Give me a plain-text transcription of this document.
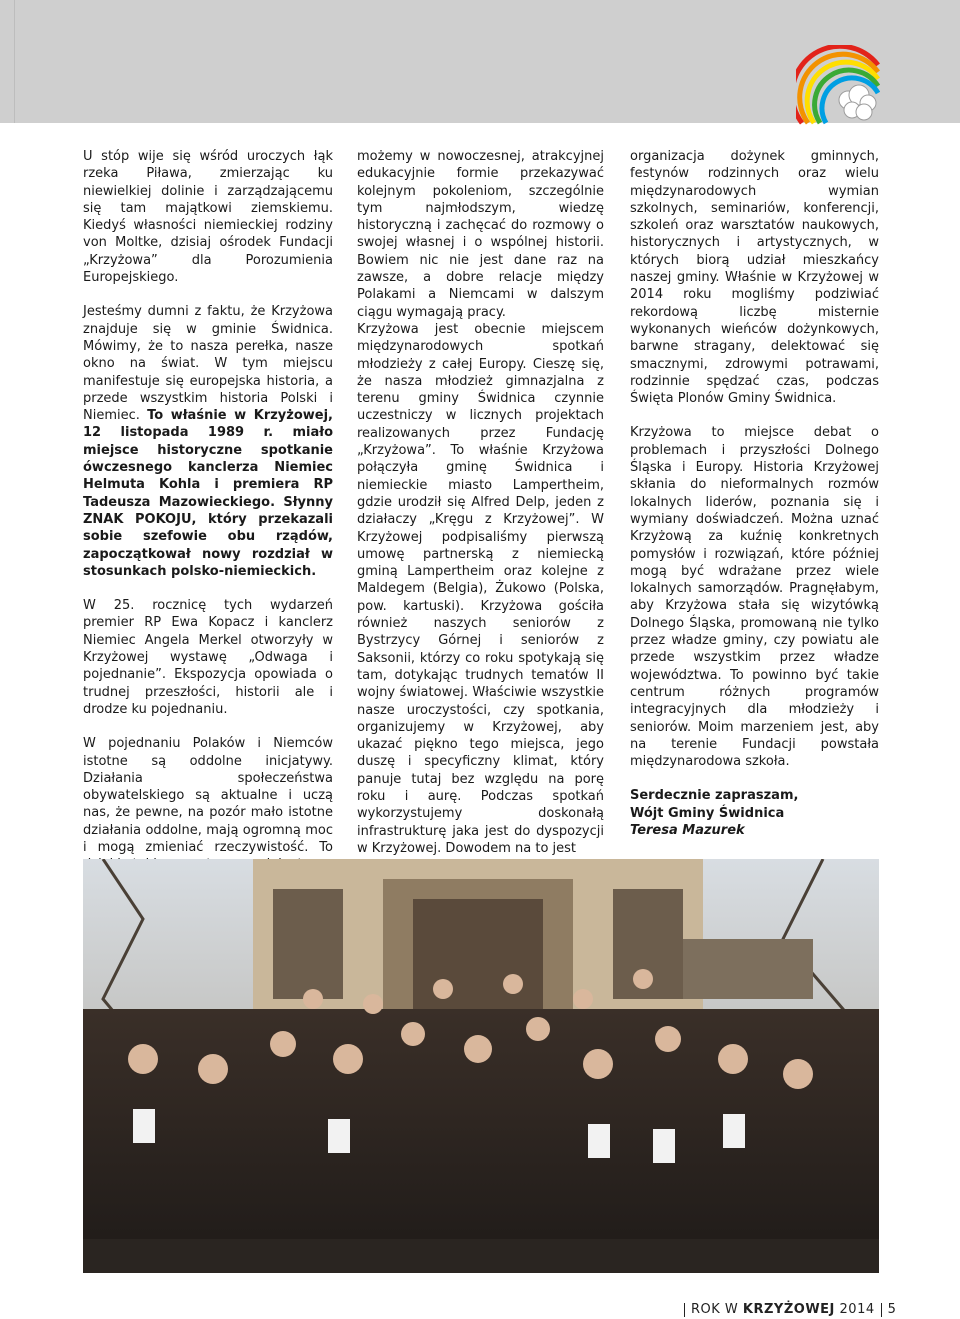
U stóp wije się wśród uroczych łąk rzeka Piława, zmierzając ku niewielkiej dolinie i zarządzającemu się tam majątkowi ziemskiemu. Kiedyś własności niemieckiej rodziny von Moltke, dzisiaj ośrodek Fundacji „Krzyżowa” dla Porozumienia Europejskiego.

Jesteśmy dumni z faktu, że Krzyżowa znajduje się w gminie Świdnica. Mówimy, że to nasza perełka, nasze okno na świat. W tym miejscu manifestuje się europejska historia, a przede wszystkim historia Polski i Niemiec. To właśnie w Krzyżowej, 12 listopada 1989 r. miało miejsce historyczne spotkanie ówczesnego kanclerza Niemiec Helmuta Kohla i premiera RP Tadeusza Mazowieckiego. Słynny ZNAK POKOJU, który przekazali sobie szefowie obu rządów, zapoczątkował nowy rozdział w stosunkach polsko-niemieckich.

W 25. rocznicę tych wydarzeń premier RP Ewa Kopacz i kanclerz Niemiec Angela Merkel otworzyły w Krzyżowej wystawę „Odwaga i pojednanie”. Ekspozycja opowiada o trudnej przeszłości, historii ale i drodze ku pojednaniu.

W pojednaniu Polaków i Niemców istotne są oddolne inicjatywy. Działania społeczeństwa obywatelskiego są aktualne i uczą nas, że pewne, na pozór mało istotne działania oddolne, mają ogromną moc i mogą zmieniać rzeczywistość. To

możemy w nowoczesnej, atrakcyjnej edukacyjnie formie przekazywać kolejnym pokoleniom, szczególnie tym najmłodszym, wiedzę historyczną i zachęcać do rozmowy o swojej własnej i o wspólnej historii. Bowiem nic nie jest dane raz na zawsze, a dobre relacje między Polakami a Niemcami w dalszym ciągu wymagają pracy.

Krzyżowa jest obecnie miejscem międzynarodowych spotkań młodzieży z całej Europy. Cieszę się, że nasza młodzież gimnazjalna z terenu gminy Świdnica czynnie uczestniczy w licznych projektach realizowanych przez Fundację „Krzyżowa”. To właśnie Krzyżowa połączyła gminę Świdnica i niemieckie miasto Lampertheim, gdzie urodził się Alfred Delp, jeden z działaczy „Kręgu z Krzyżowej”. W Krzyżowej podpisaliśmy pierwszą umowę partnerską z niemiecką gminą Lampertheim oraz kolejne z Maldegem (Belgia), Żukowo (Polska, pow. kartuski). Krzyżowa gościła również naszych seniorów z Bystrzycy Górnej i seniorów z Saksonii, którzy co roku spotykają się tam, dotykając trudnych tematów II wojny światowej. Właściwie wszystkie nasze uroczystości, czy spotkania, organizujemy w Krzyżowej, aby ukazać piękno tego miejsca, jego duszę i specyficzny klimat, który panuje tutaj bez względu na porę roku i aurę. Podczas spotkań wykorzystujemy doskonałą infrastrukturę jaka jest do dyspozycji w Krzyżowej. Dowodem na to jest

organizacja dożynek gminnych, festynów rodzinnych oraz wielu międzynarodowych wymian szkolnych, seminariów, konferencji, szkoleń oraz warsztatów naukowych, historycznych i artystycznych, w których biorą udział mieszkańcy naszej gminy. Właśnie w Krzyżowej w 2014 roku mogliśmy podziwiać rekordową liczbę misternie wykonanych wieńców dożynkowych, barwne stragany, delektować się smacznymi, zdrowymi potrawami, rodzinnie spędzać czas, podczas Święta Plonów Gminy Świdnica.

Krzyżowa to miejsce debat o problemach i przyszłości Dolnego Śląska i Europy. Historia Krzyżowej skłania do nieformalnych rozmów lokalnych liderów, poznania się i wymiany doświadczeń. Można uznać Krzyżową za kuźnię konkretnych pomysłów i rozwiązań, które później mogą być wdrażane przez wiele lokalnych samorządów. Pragnęłabym, aby Krzyżowa stała się wizytówką Dolnego Śląska, promowaną nie tylko przez władze gminy, czy powiatu ale przede wszystkim przez władze województwa. To powinno być takie centrum różnych programów integracyjnych dla młodzieży i seniorów. Moim marzeniem jest, aby na terenie Fundacji powstała międzynarodowa szkoła.

Serdecznie zapraszam,

Wójt Gminy Świdnica

Teresa Mazurek

ROK W KRZYŻOWEJ 2014 5
